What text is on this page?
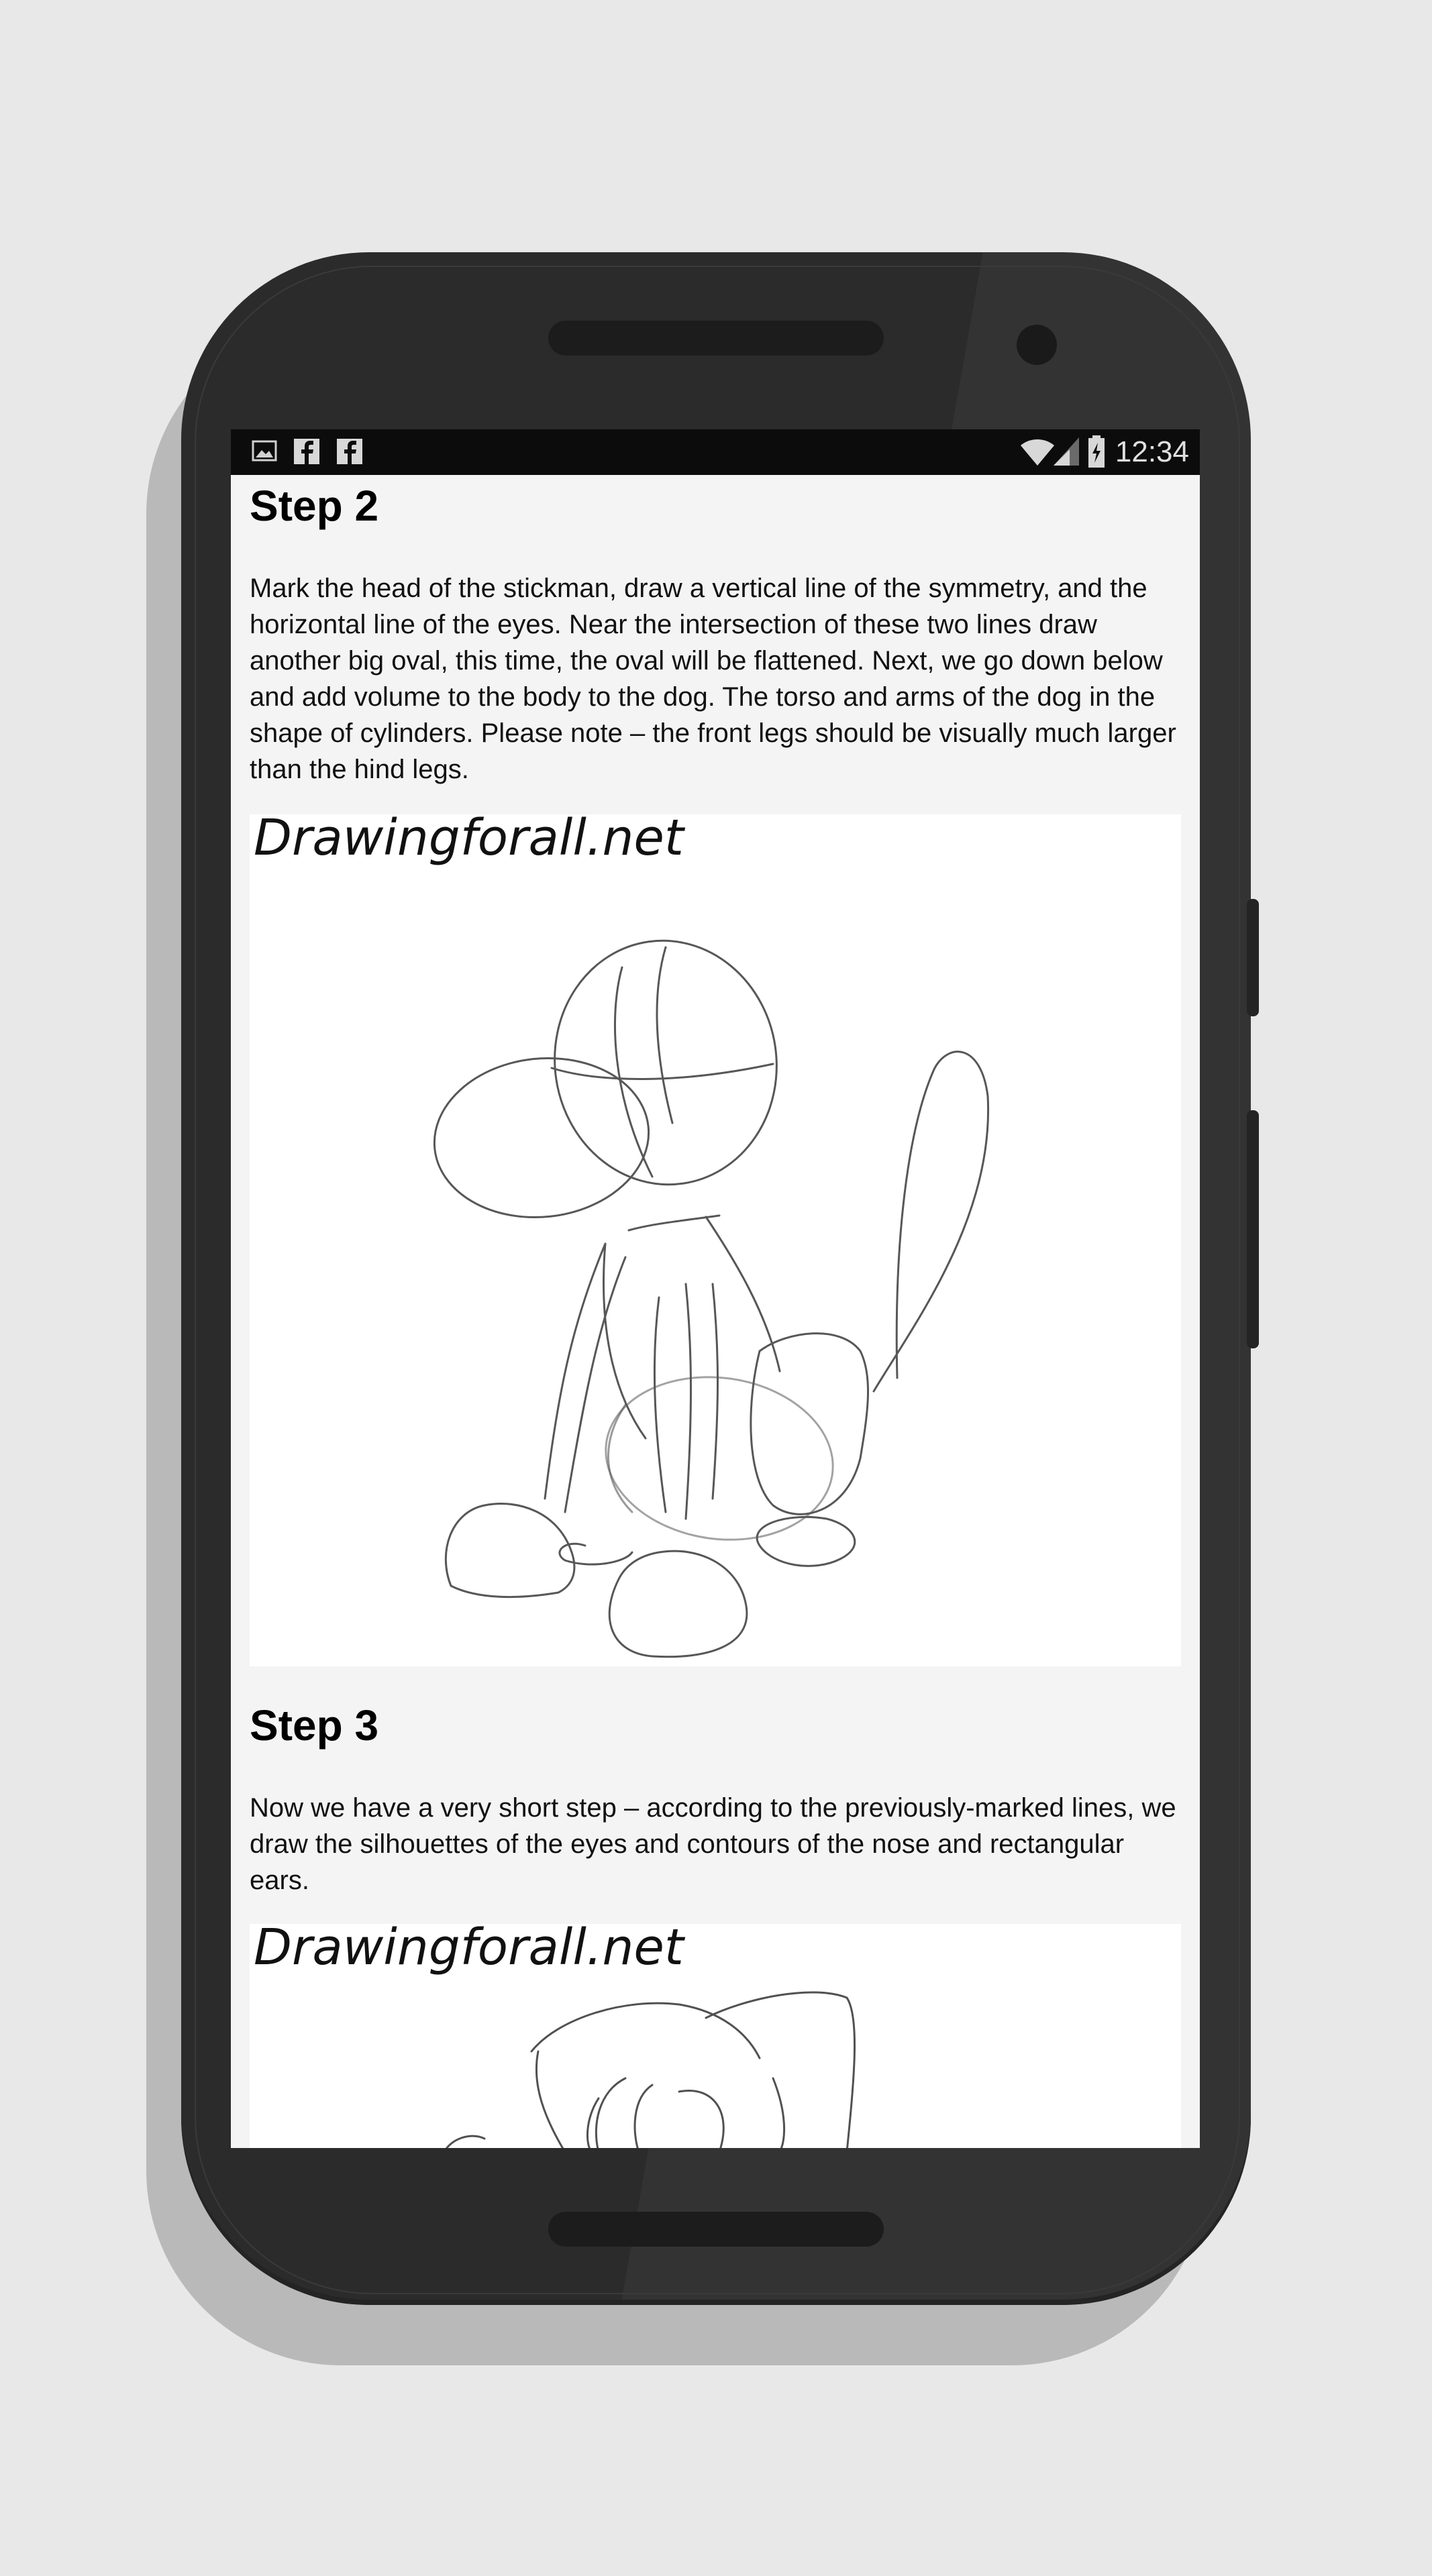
12:34
Step 2

Mark the head of the stickman, draw a vertical line of the symmetry, and the horizontal line of the eyes. Near the intersection of these two lines draw another big oval, this time, the oval will be flattened. Next, we go down below and add volume to the body to the dog. The torso and arms of the dog in the shape of cylinders. Please note – the front legs should be visually much larger than the hind legs.

Drawingforall.net
Step 3

Now we have a very short step – according to the previously-marked lines, we draw the silhouettes of the eyes and contours of the nose and rectangular ears.

Drawingforall.net
